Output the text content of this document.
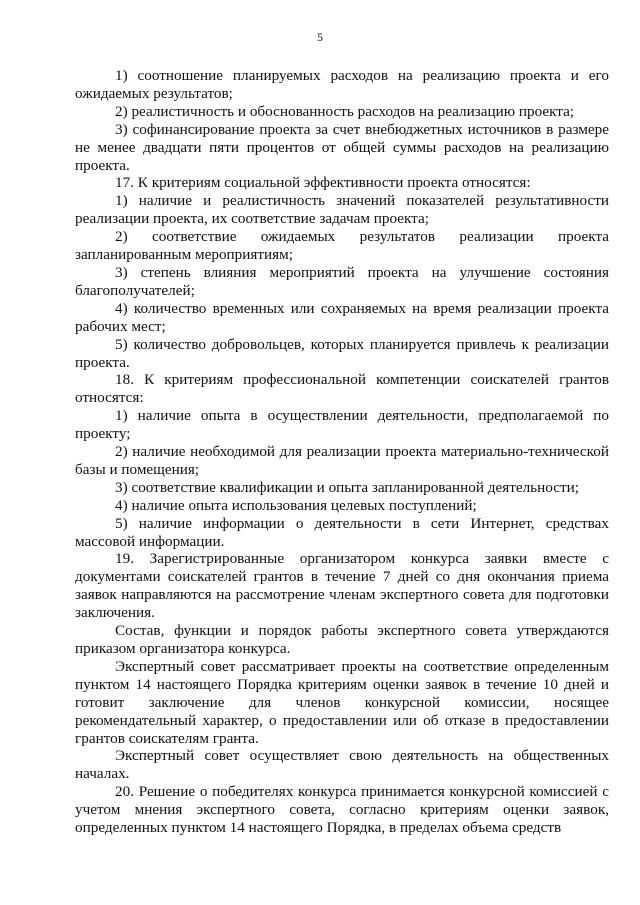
5

1) соотношение планируемых расходов на реализацию проекта и его ожидаемых результатов;

2) реалистичность и обоснованность расходов на реализацию проекта;

3) софинансирование проекта за счет внебюджетных источников в размере не менее двадцати пяти процентов от общей суммы расходов на реализацию проекта.

17. К критериям социальной эффективности проекта относятся:

1) наличие и реалистичность значений показателей результативности реализации проекта, их соответствие задачам проекта;

2) соответствие ожидаемых результатов реализации проекта запланированным мероприятиям;

3) степень влияния мероприятий проекта на улучшение состояния благополучателей;

4) количество временных или сохраняемых на время реализации проекта рабочих мест;

5) количество добровольцев, которых планируется привлечь к реализации проекта.

18. К критериям профессиональной компетенции соискателей грантов относятся:

1) наличие опыта в осуществлении деятельности, предполагаемой по проекту;

2) наличие необходимой для реализации проекта материально-технической базы и помещения;

3) соответствие квалификации и опыта запланированной деятельности;

4) наличие опыта использования целевых поступлений;

5) наличие информации о деятельности в сети Интернет, средствах массовой информации.

19. Зарегистрированные организатором конкурса заявки вместе с документами соискателей грантов в течение 7 дней со дня окончания приема заявок направляются на рассмотрение членам экспертного совета для подготовки заключения.

Состав, функции и порядок работы экспертного совета утверждаются приказом организатора конкурса.

Экспертный совет рассматривает проекты на соответствие определенным пунктом 14 настоящего Порядка критериям оценки заявок в течение 10 дней и готовит заключение для членов конкурсной комиссии, носящее рекомендательный характер, о предоставлении или об отказе в предоставлении грантов соискателям гранта.

Экспертный совет осуществляет свою деятельность на общественных началах.

20. Решение о победителях конкурса принимается конкурсной комиссией с учетом мнения экспертного совета, согласно критериям оценки заявок, определенных пунктом 14 настоящего Порядка, в пределах объема средств
